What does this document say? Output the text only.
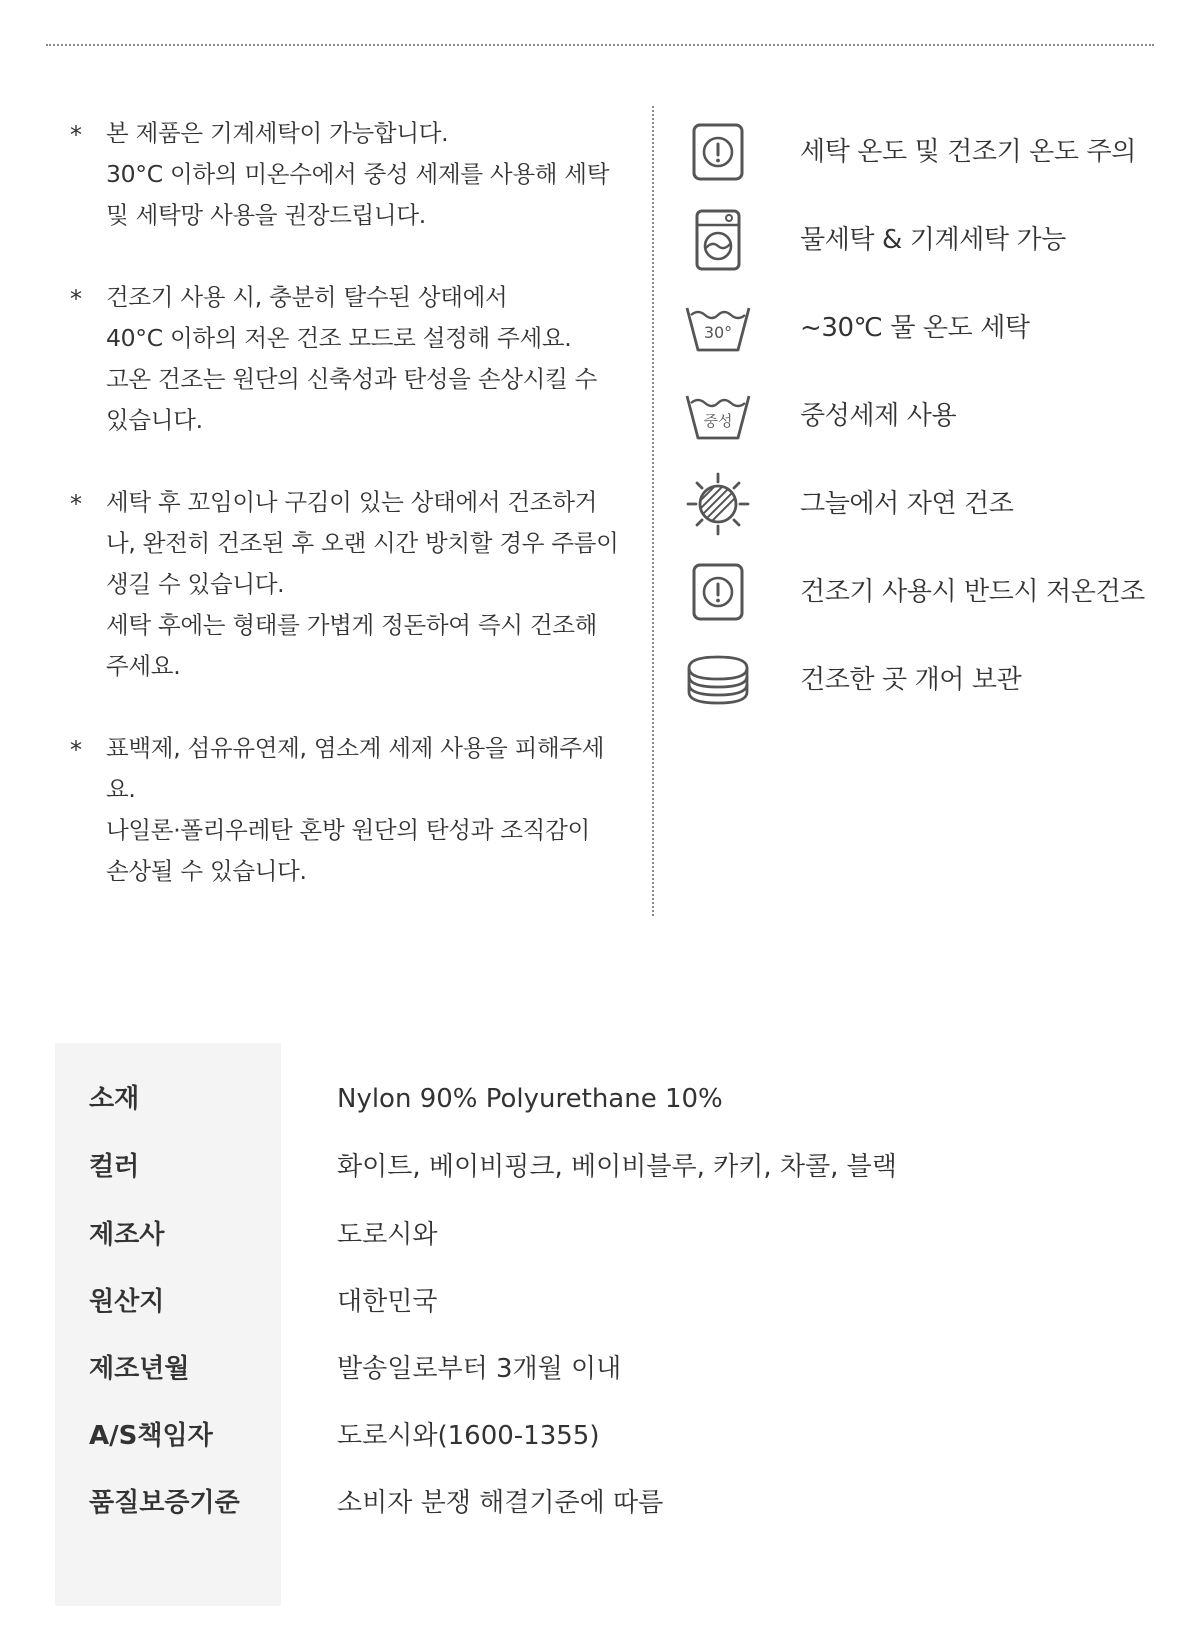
* 본 제품은 기계세탁이 가능합니다.
30°C 이하의 미온수에서 중성 세제를 사용해 세탁
및 세탁망 사용을 권장드립니다.
* 건조기 사용 시, 충분히 탈수된 상태에서
40°C 이하의 저온 건조 모드로 설정해 주세요.
고온 건조는 원단의 신축성과 탄성을 손상시킬 수
있습니다.
* 세탁 후 꼬임이나 구김이 있는 상태에서 건조하거
나, 완전히 건조된 후 오랜 시간 방치할 경우 주름이
생길 수 있습니다.
세탁 후에는 형태를 가볍게 정돈하여 즉시 건조해
주세요.
* 표백제, 섬유유연제, 염소계 세제 사용을 피해주세
요.
나일론·폴리우레탄 혼방 원단의 탄성과 조직감이
손상될 수 있습니다.
세탁 온도 및 건조기 온도 주의
물세탁 & 기계세탁 가능
30°	~30℃ 물 온도 세탁
중성	중성세제 사용
그늘에서 자연 건조
건조기 사용시 반드시 저온건조
건조한 곳 개어 보관
소재	Nylon 90% Polyurethane 10%
컬러	화이트, 베이비핑크, 베이비블루, 카키, 차콜, 블랙
제조사	도로시와
원산지	대한민국
제조년월	발송일로부터 3개월 이내
A/S책임자	도로시와(1600-1355)
품질보증기준	소비자 분쟁 해결기준에 따름
